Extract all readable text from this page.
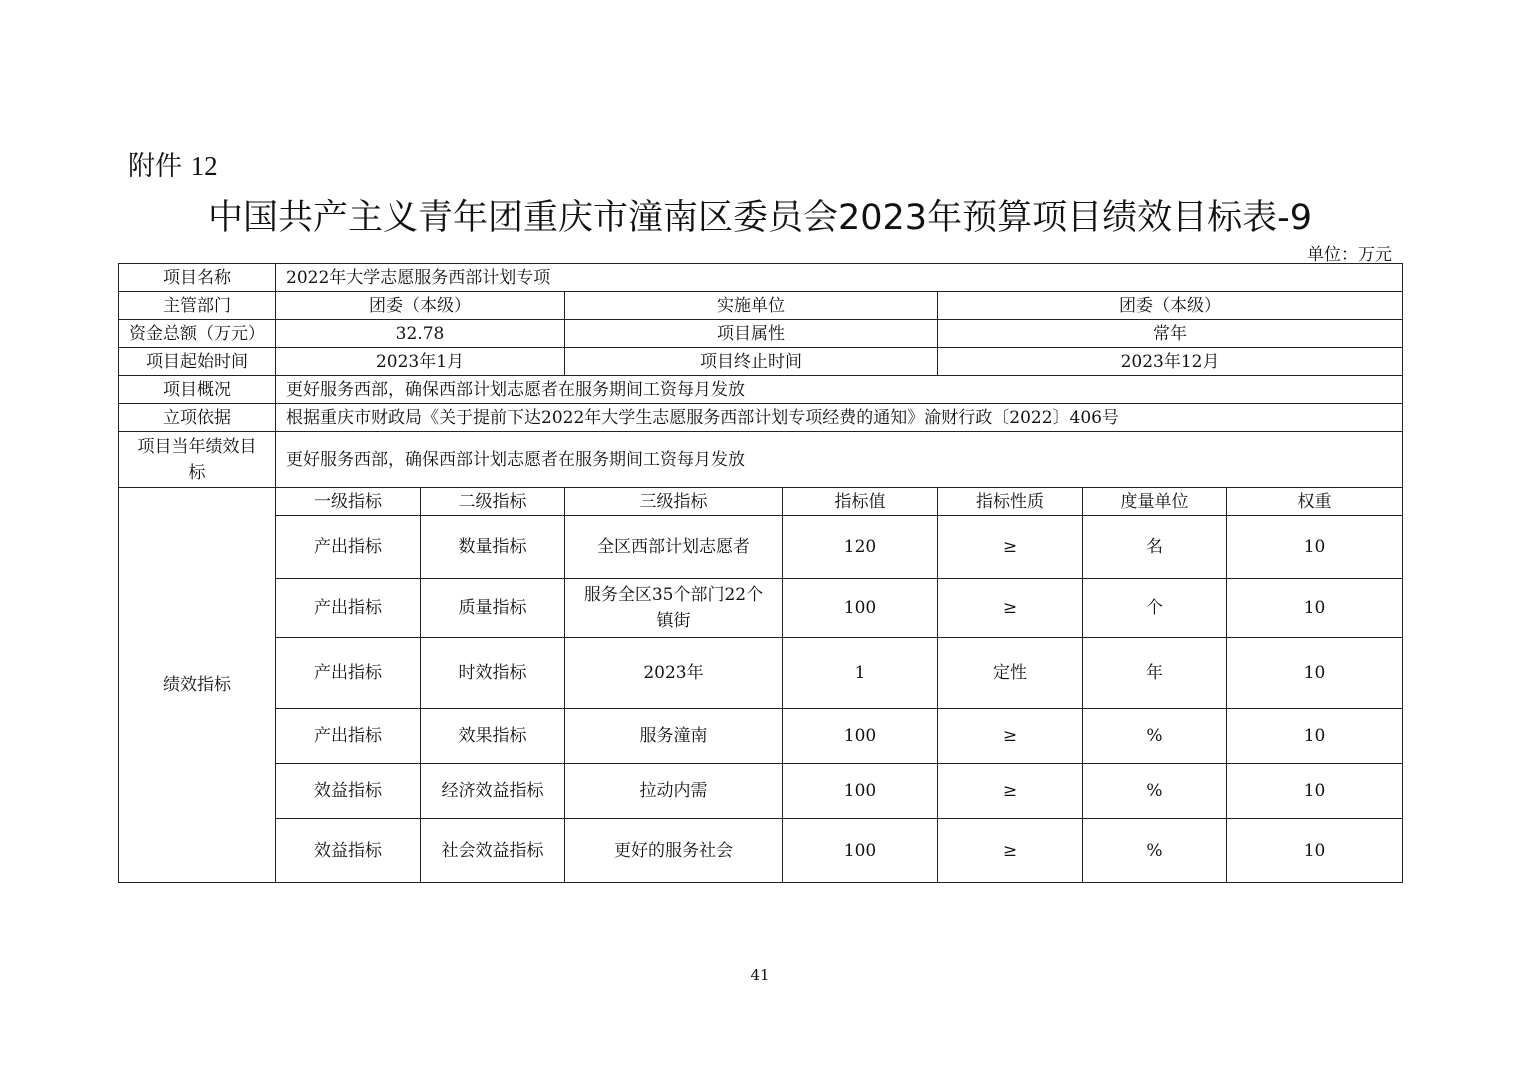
附件 12
中国共产主义青年团重庆市潼南区委员会2023年预算项目绩效目标表-9
单位：万元
项目名称	2022年大学志愿服务西部计划专项						
主管部门	团委（本级）		实施单位		团委（本级）		
资金总额（万元）	32.78		项目属性		常年		
项目起始时间	2023年1月		项目终止时间		2023年12月		
项目概况	更好服务西部，确保西部计划志愿者在服务期间工资每月发放						
立项依据	根据重庆市财政局《关于提前下达2022年大学生志愿服务西部计划专项经费的通知》渝财行政〔2022〕406号						
项目当年绩效目标	更好服务西部，确保西部计划志愿者在服务期间工资每月发放						
绩效指标	一级指标	二级指标	三级指标	指标值	指标性质	度量单位	权重
	产出指标	数量指标	全区西部计划志愿者	120	≥	名	10
	产出指标	质量指标	服务全区35个部门22个镇街	100	≥	个	10
	产出指标	时效指标	2023年	1	定性	年	10
	产出指标	效果指标	服务潼南	100	≥	%	10
	效益指标	经济效益指标	拉动内需	100	≥	%	10
	效益指标	社会效益指标	更好的服务社会	100	≥	%	10
41
